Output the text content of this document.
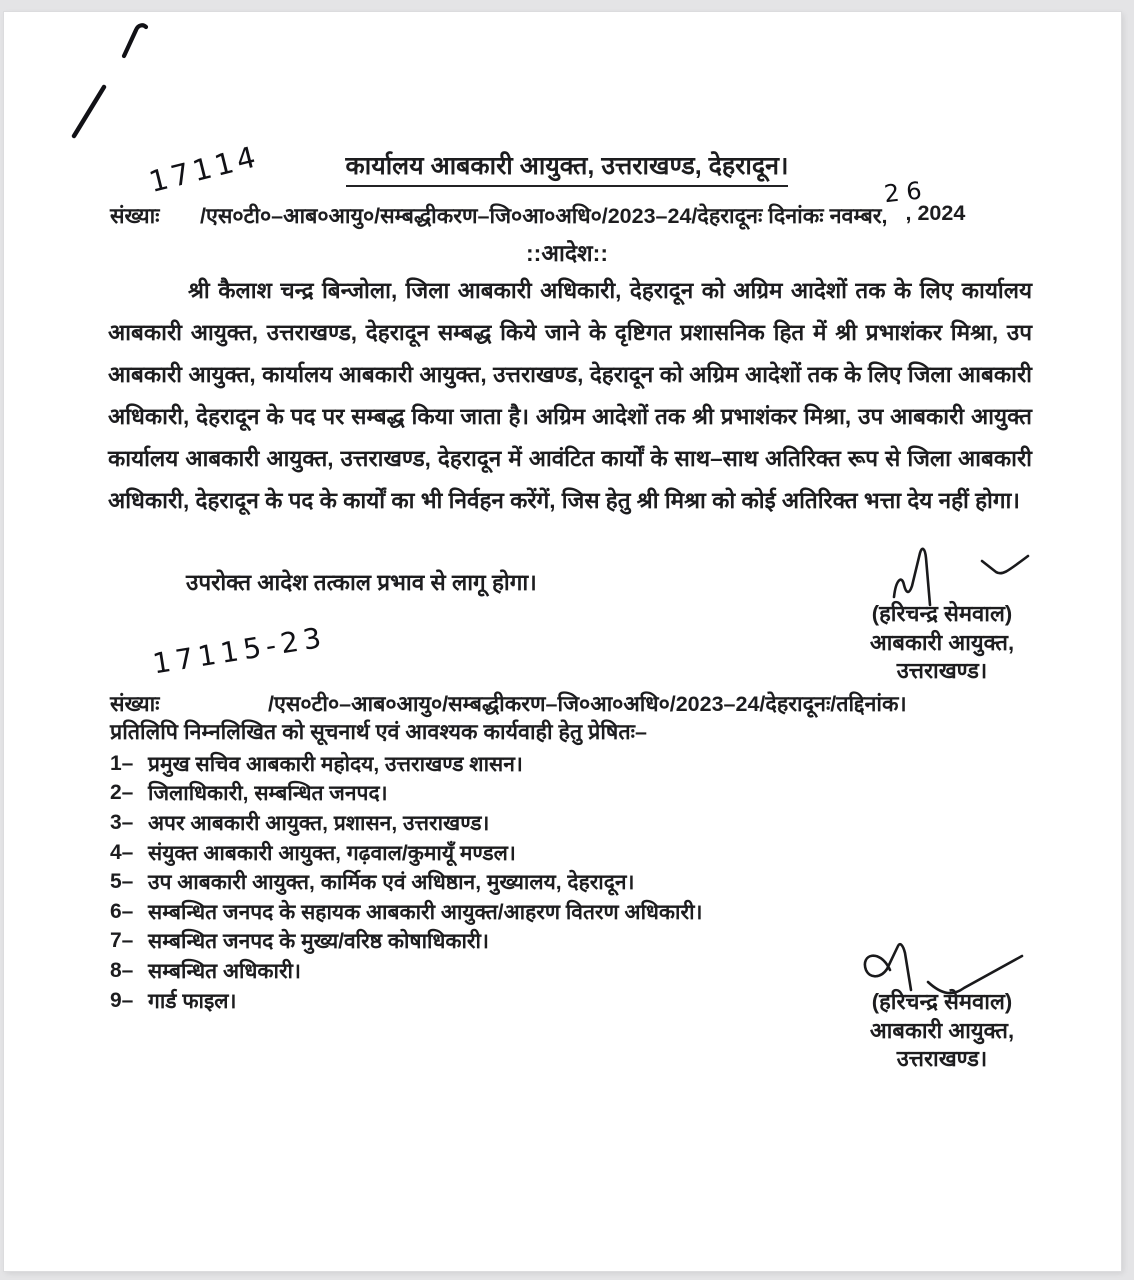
17114	कार्यालय आबकारी आयुक्त, उत्तराखण्ड, देहरादून।
संख्याः	/एस०टी०–आब०आयु०/सम्बद्धीकरण–जि०आ०अधि०/2023–24/देहरादूनः दिनांकः नवम्बर, , 2024
26
::आदेश::
श्री कैलाश चन्द्र बिन्जोला, जिला आबकारी अधिकारी, देहरादून को अग्रिम आदेशों तक के लिए कार्यालय आबकारी आयुक्त, उत्तराखण्ड, देहरादून सम्बद्ध किये जाने के दृष्टिगत प्रशासनिक हित में श्री प्रभाशंकर मिश्रा, उप आबकारी आयुक्त, कार्यालय आबकारी आयुक्त, उत्तराखण्ड, देहरादून को अग्रिम आदेशों तक के लिए जिला आबकारी अधिकारी, देहरादून के पद पर सम्बद्ध किया जाता है। अग्रिम आदेशों तक श्री प्रभाशंकर मिश्रा, उप आबकारी आयुक्त कार्यालय आबकारी आयुक्त, उत्तराखण्ड, देहरादून में आवंटित कार्यों के साथ–साथ अतिरिक्त रूप से जिला आबकारी अधिकारी, देहरादून के पद के कार्यों का भी निर्वहन करेंगें, जिस हेतु श्री मिश्रा को कोई अतिरिक्त भत्ता देय नहीं होगा।
उपरोक्त आदेश तत्काल प्रभाव से लागू होगा।
(हरिचन्द्र सेमवाल)
आबकारी आयुक्त,
उत्तराखण्ड।
17115-23
संख्याः	/एस०टी०–आब०आयु०/सम्बद्धीकरण–जि०आ०अधि०/2023–24/देहरादूनः/तद्दिनांक।
प्रतिलिपि निम्नलिखित को सूचनार्थ एवं आवश्यक कार्यवाही हेतु प्रेषितः–
1– प्रमुख सचिव आबकारी महोदय, उत्तराखण्ड शासन।
2– जिलाधिकारी, सम्बन्धित जनपद।
3– अपर आबकारी आयुक्त, प्रशासन, उत्तराखण्ड।
4– संयुक्त आबकारी आयुक्त, गढ़वाल/कुमायूँ मण्डल।
5– उप आबकारी आयुक्त, कार्मिक एवं अधिष्ठान, मुख्यालय, देहरादून।
6– सम्बन्धित जनपद के सहायक आबकारी आयुक्त/आहरण वितरण अधिकारी।
7– सम्बन्धित जनपद के मुख्य/वरिष्ठ कोषाधिकारी।
8– सम्बन्धित अधिकारी।
9– गार्ड फाइल।	(हरिचन्द्र सेमवाल)
आबकारी आयुक्त,
उत्तराखण्ड।
